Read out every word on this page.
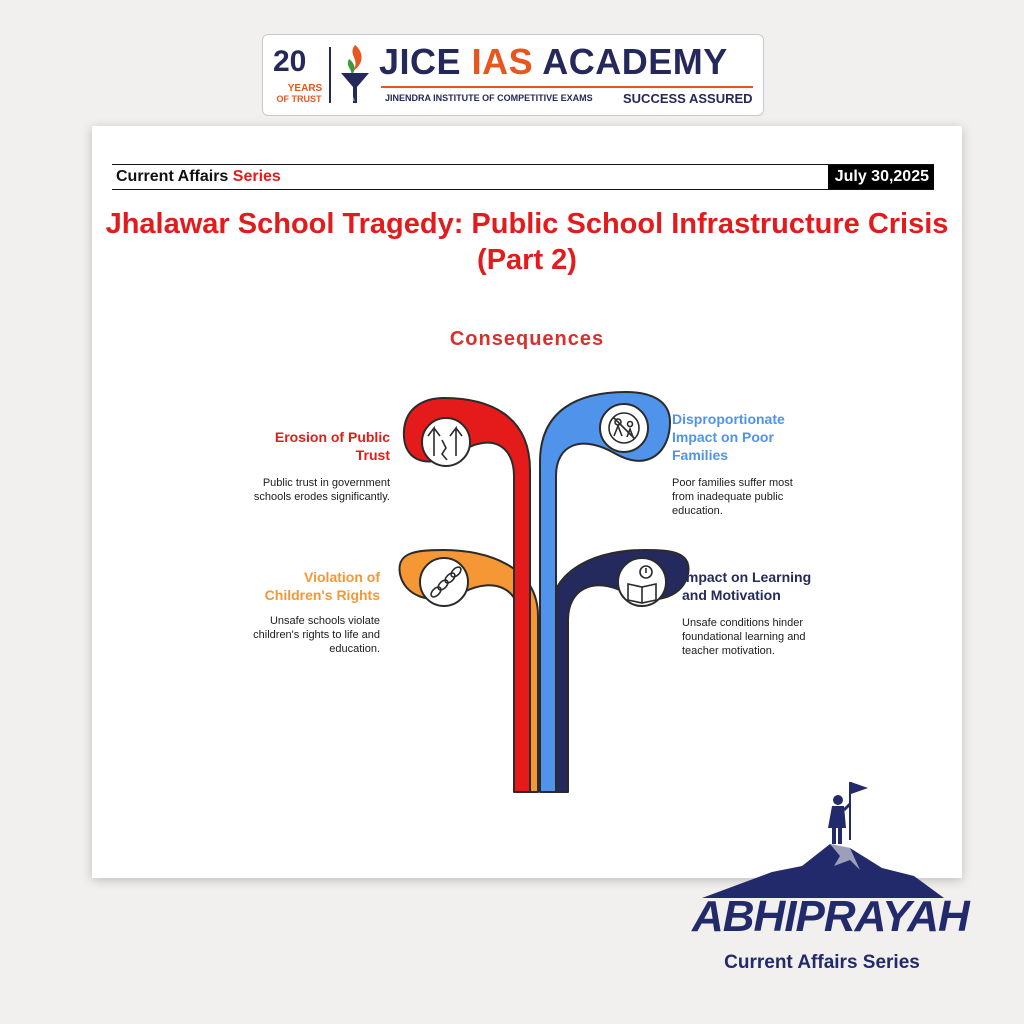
20
YEARS
OF TRUST
JICE IAS ACADEMY
JINENDRA INSTITUTE OF COMPETITIVE EXAMS SUCCESS ASSURED
Current Affairs Series	July 30,2025
Jhalawar School Tragedy: Public School Infrastructure Crisis (Part 2)
Consequences
Erosion of Public Trust
Public trust in government schools erodes significantly.
Disproportionate Impact on Poor Families
Poor families suffer most from inadequate public education.
Violation of Children's Rights
Unsafe schools violate children's rights to life and education.
Impact on Learning and Motivation
Unsafe conditions hinder foundational learning and teacher motivation.
ABHIPRAYAH
Current Affairs Series
